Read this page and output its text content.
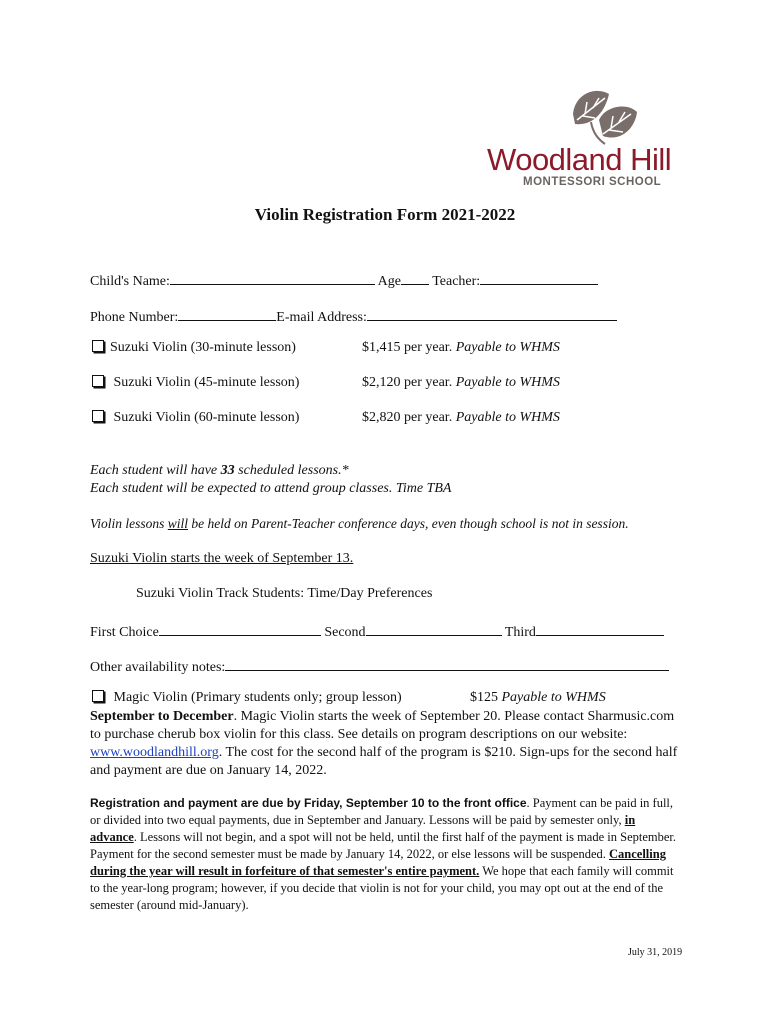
Woodland Hill
MONTESSORI SCHOOL
Violin Registration Form 2021-2022
Child's Name:	Age Teacher:
Phone Number:	E-mail Address:
Suzuki Violin (30-minute lesson)	$1,415 per year. Payable to WHMS
Suzuki Violin (45-minute lesson)	$2,120 per year. Payable to WHMS
Suzuki Violin (60-minute lesson)	$2,820 per year. Payable to WHMS
Each student will have 33 scheduled lessons.*
Each student will be expected to attend group classes. Time TBA
Violin lessons will be held on Parent-Teacher conference days, even though school is not in session.
Suzuki Violin starts the week of September 13.
Suzuki Violin Track Students: Time/Day Preferences
First Choice	Second	Third
Other availability notes:
Magic Violin (Primary students only; group lesson)	$125 Payable to WHMS
September to December. Magic Violin starts the week of September 20. Please contact Sharmusic.com to purchase cherub box violin for this class. See details on program descriptions on our website: www.woodlandhill.org. The cost for the second half of the program is $210. Sign-ups for the second half and payment are due on January 14, 2022.
Registration and payment are due by Friday, September 10 to the front office. Payment can be paid in full, or divided into two equal payments, due in September and January. Lessons will be paid by semester only, in advance. Lessons will not begin, and a spot will not be held, until the first half of the payment is made in September. Payment for the second semester must be made by January 14, 2022, or else lessons will be suspended. Cancelling during the year will result in forfeiture of that semester's entire payment. We hope that each family will commit to the year-long program; however, if you decide that violin is not for your child, you may opt out at the end of the semester (around mid-January).
July 31, 2019
